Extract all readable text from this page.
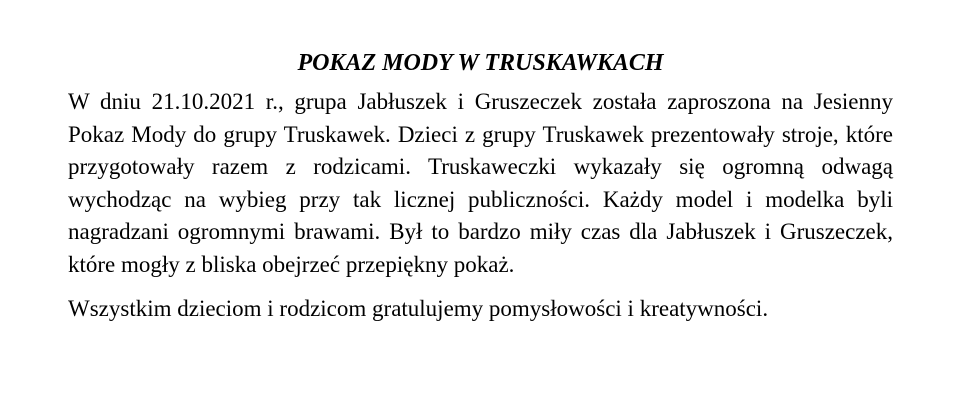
POKAZ MODY W TRUSKAWKACH

W dniu 21.10.2021 r., grupa Jabłuszek i Gruszeczek została zaproszona na Jesienny Pokaz Mody do grupy Truskawek. Dzieci z grupy Truskawek prezentowały stroje, które przygotowały razem z rodzicami. Truskaweczki wykazały się ogromną odwagą wychodząc na wybieg przy tak licznej publiczności. Każdy model i modelka byli nagradzani ogromnymi brawami. Był to bardzo miły czas dla Jabłuszek i Gruszeczek, które mogły z bliska obejrzeć przepiękny pokaż.

Wszystkim dzieciom i rodzicom gratulujemy pomysłowości i kreatywności.
